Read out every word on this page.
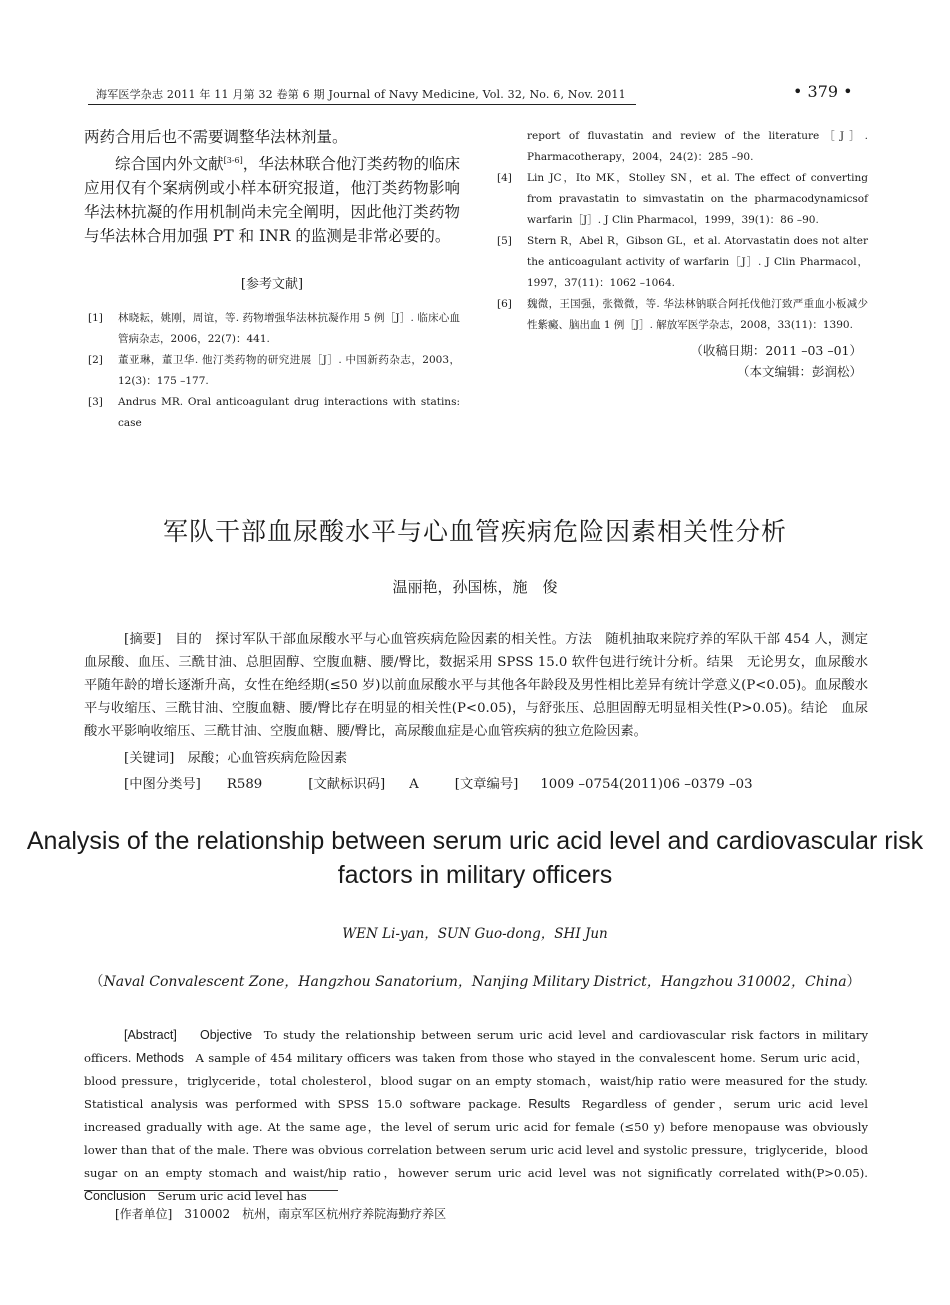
海军医学杂志 2011 年 11 月第 32 卷第 6 期 Journal of Navy Medicine, Vol. 32, No. 6, Nov. 2011	• 379 •

两药合用后也不需要调整华法林剂量。

综合国内外文献[3-6]，华法林联合他汀类药物的临床应用仅有个案病例或小样本研究报道，他汀类药物影响华法林抗凝的作用机制尚未完全阐明，因此他汀类药物与华法林合用加强 PT 和 INR 的监测是非常必要的。

[参考文献]

[1] 林晓耘，姚刚，周谊，等. 药物增强华法林抗凝作用 5 例［J］. 临床心血管病杂志，2006，22(7)：441.

[2] 董亚琳，董卫华. 他汀类药物的研究进展［J］. 中国新药杂志，2003，12(3)：175 –177.

[3] Andrus MR. Oral anticoagulant drug interactions with statins: case

report of fluvastatin and review of the literature［J］. Pharmacotherapy，2004，24(2)：285 –90.

[4] Lin JC，Ito MK，Stolley SN，et al. The effect of converting from pravastatin to simvastatin on the pharmacodynamicsof warfarin［J］. J Clin Pharmacol，1999，39(1)：86 –90.

[5] Stern R，Abel R，Gibson GL，et al. Atorvastatin does not alter the anticoagulant activity of warfarin［J］. J Clin Pharmacol，1997，37(11)：1062 –1064.

[6] 魏微，王国强，张微微，等. 华法林钠联合阿托伐他汀致严重血小板减少性紫癜、脑出血 1 例［J］. 解放军医学杂志，2008，33(11)：1390.

（收稿日期：2011 –03 –01）
（本文编辑：彭润松）
军队干部血尿酸水平与心血管疾病危险因素相关性分析
温丽艳，孙国栋，施　俊

[摘要]　目的　探讨军队干部血尿酸水平与心血管疾病危险因素的相关性。方法　随机抽取来院疗养的军队干部 454 人，测定血尿酸、血压、三酰甘油、总胆固醇、空腹血糖、腰/臀比，数据采用 SPSS 15.0 软件包进行统计分析。结果　无论男女，血尿酸水平随年龄的增长逐渐升高，女性在绝经期(≤50 岁)以前血尿酸水平与其他各年龄段及男性相比差异有统计学意义(P<0.05)。血尿酸水平与收缩压、三酰甘油、空腹血糖、腰/臀比存在明显的相关性(P<0.05)，与舒张压、总胆固醇无明显相关性(P>0.05)。结论　血尿酸水平影响收缩压、三酰甘油、空腹血糖、腰/臀比，高尿酸血症是心血管疾病的独立危险因素。

[关键词]　尿酸；心血管疾病危险因素
[中图分类号] R589	[文献标识码] A	[文章编号] 1009 –0754(2011)06 –0379 –03
Analysis of the relationship between serum uric acid level and cardiovascular risk factors in military officers
WEN Li-yan，SUN Guo-dong，SHI Jun
（Naval Convalescent Zone，Hangzhou Sanatorium，Nanjing Military District，Hangzhou 310002，China）

[Abstract]   Objective   To study the relationship between serum uric acid level and cardiovascular risk factors in military officers. Methods   A sample of 454 military officers was taken from those who stayed in the convalescent home. Serum uric acid，blood pressure，triglyceride，total cholesterol，blood sugar on an empty stomach，waist/hip ratio were measured for the study. Statistical analysis was performed with SPSS 15.0 software package. Results   Regardless of gender，serum uric acid level increased gradually with age. At the same age，the level of serum uric acid for female (≤50 y) before menopause was obviously lower than that of the male. There was obvious correlation between serum uric acid level and systolic pressure，triglyceride，blood sugar on an empty stomach and waist/hip ratio，however serum uric acid level was not significatly correlated with(P>0.05). Conclusion   Serum uric acid level has

[作者单位]　310002　杭州，南京军区杭州疗养院海勤疗养区
